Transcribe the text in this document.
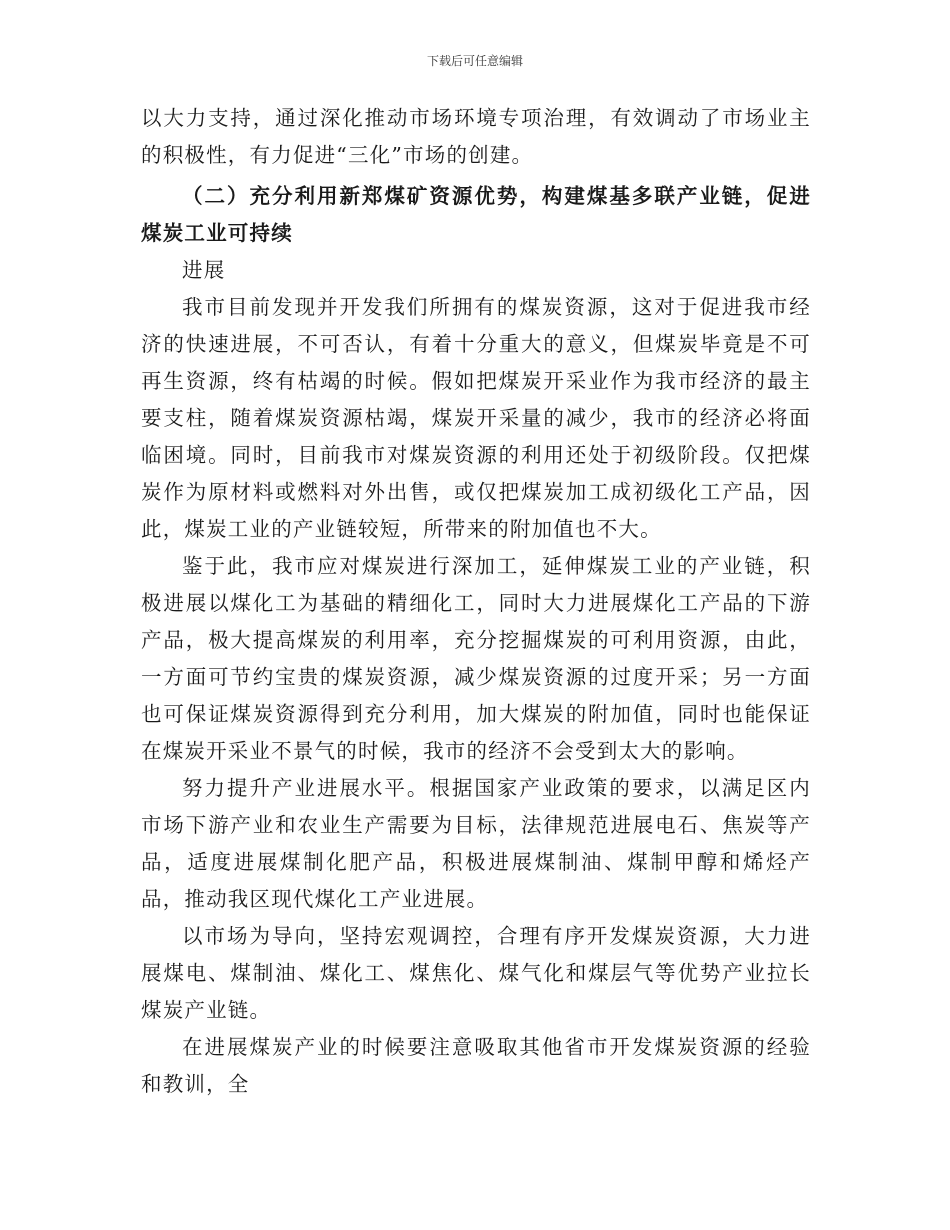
下载后可任意编辑

以大力支持，通过深化推动市场环境专项治理，有效调动了市场业主的积极性，有力促进“三化”市场的创建。

（二）充分利用新郑煤矿资源优势，构建煤基多联产业链，促进煤炭工业可持续

进展

我市目前发现并开发我们所拥有的煤炭资源，这对于促进我市经济的快速进展，不可否认，有着十分重大的意义，但煤炭毕竟是不可再生资源，终有枯竭的时候。假如把煤炭开采业作为我市经济的最主要支柱，随着煤炭资源枯竭，煤炭开采量的减少，我市的经济必将面临困境。同时，目前我市对煤炭资源的利用还处于初级阶段。仅把煤炭作为原材料或燃料对外出售，或仅把煤炭加工成初级化工产品，因此，煤炭工业的产业链较短，所带来的附加值也不大。

鉴于此，我市应对煤炭进行深加工，延伸煤炭工业的产业链，积极进展以煤化工为基础的精细化工，同时大力进展煤化工产品的下游产品，极大提高煤炭的利用率，充分挖掘煤炭的可利用资源，由此，一方面可节约宝贵的煤炭资源，减少煤炭资源的过度开采；另一方面也可保证煤炭资源得到充分利用，加大煤炭的附加值，同时也能保证在煤炭开采业不景气的时候，我市的经济不会受到太大的影响。

努力提升产业进展水平。根据国家产业政策的要求，以满足区内市场下游产业和农业生产需要为目标，法律规范进展电石、焦炭等产品，适度进展煤制化肥产品，积极进展煤制油、煤制甲醇和烯烃产品，推动我区现代煤化工产业进展。

以市场为导向，坚持宏观调控，合理有序开发煤炭资源，大力进展煤电、煤制油、煤化工、煤焦化、煤气化和煤层气等优势产业拉长煤炭产业链。

在进展煤炭产业的时候要注意吸取其他省市开发煤炭资源的经验和教训，全
